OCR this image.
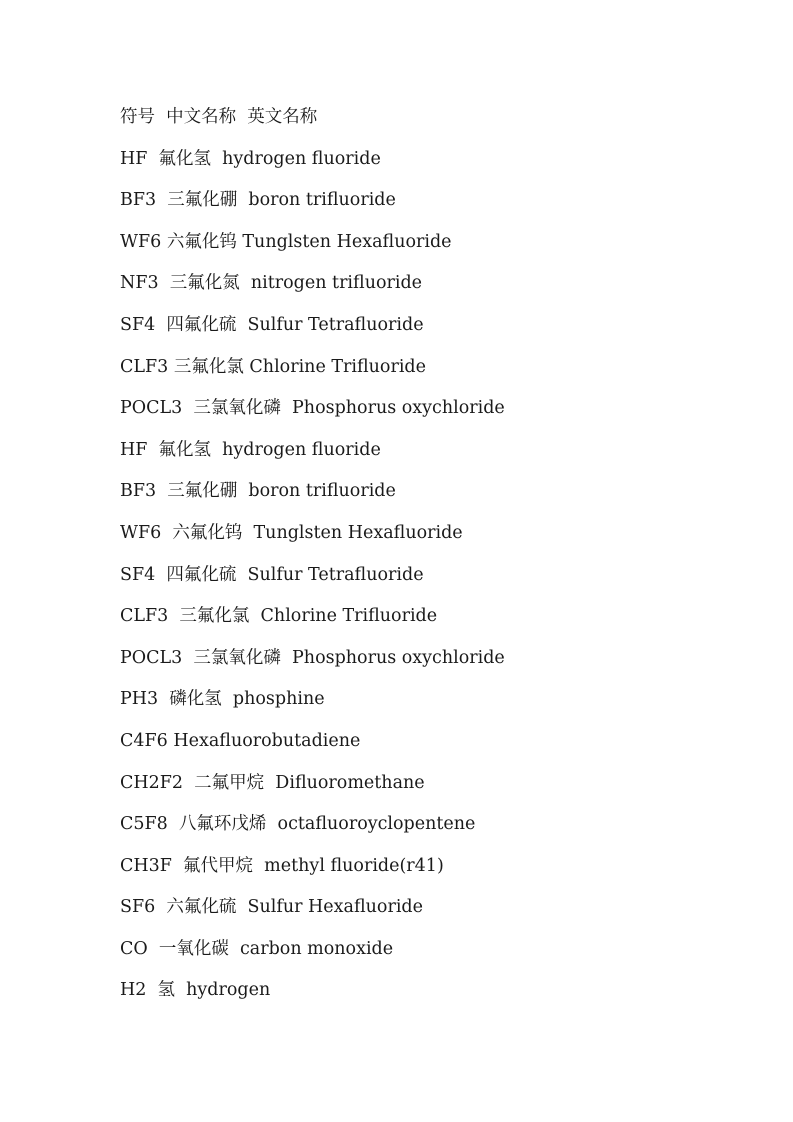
符号  中文名称  英文名称
HF  氟化氢  hydrogen fluoride
BF3  三氟化硼  boron trifluoride
WF6 六氟化钨 Tunglsten Hexafluoride
NF3  三氟化氮  nitrogen trifluoride
SF4  四氟化硫  Sulfur Tetrafluoride
CLF3 三氟化氯 Chlorine Trifluoride
POCL3  三氯氧化磷  Phosphorus oxychloride
HF  氟化氢  hydrogen fluoride
BF3  三氟化硼  boron trifluoride
WF6  六氟化钨  Tunglsten Hexafluoride
SF4  四氟化硫  Sulfur Tetrafluoride
CLF3  三氟化氯  Chlorine Trifluoride
POCL3  三氯氧化磷  Phosphorus oxychloride
PH3  磷化氢  phosphine
C4F6 Hexafluorobutadiene
CH2F2  二氟甲烷  Difluoromethane
C5F8  八氟环戊烯  octafluoroyclopentene
CH3F  氟代甲烷  methyl fluoride(r41)
SF6  六氟化硫  Sulfur Hexafluoride
CO  一氧化碳  carbon monoxide
H2  氢  hydrogen
